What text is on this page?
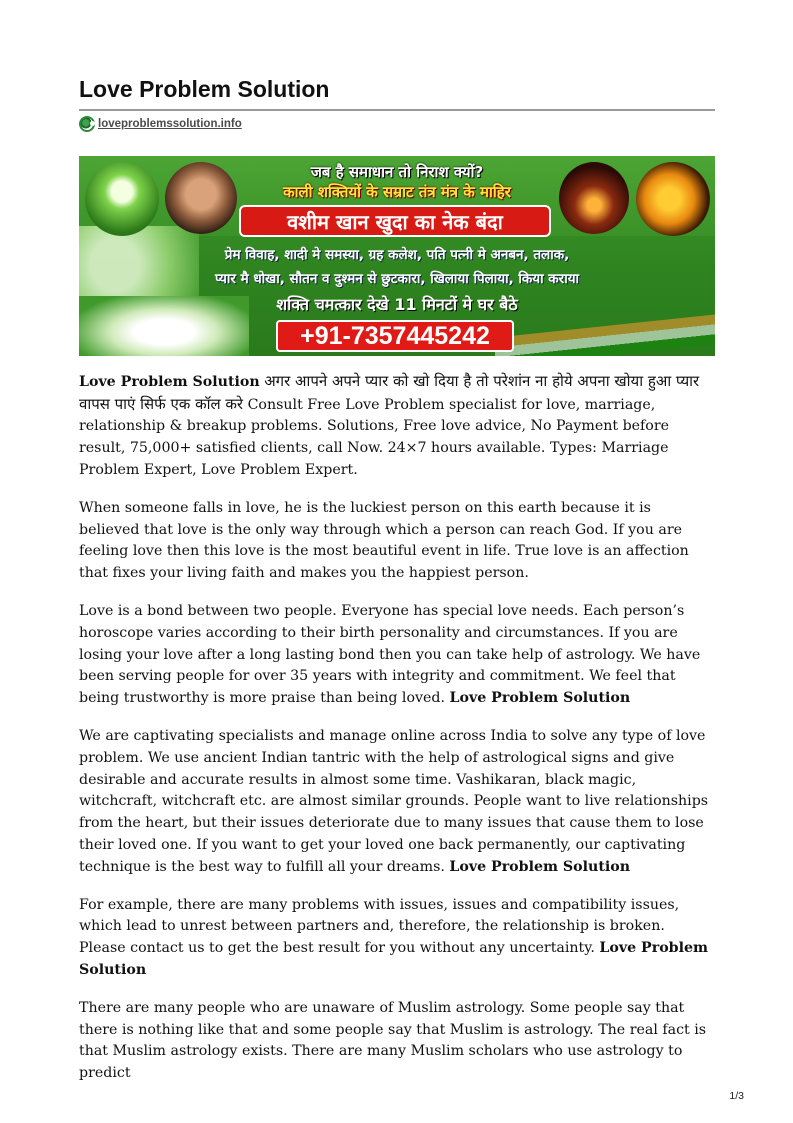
Love Problem Solution
loveproblemssolution.info
जब है समाधान तो निराश क्यों?
काली शक्तियों के सम्राट तंत्र मंत्र के माहिर
वशीम खान खुदा का नेक बंदा
प्रेम विवाह, शादी मे समस्या, ग्रह कलेश, पति पत्नी मे अनबन, तलाक,
प्यार मै धोखा, सौतन व दुश्मन से छुटकारा, खिलाया पिलाया, किया कराया
शक्ति चमत्कार देखे 11 मिनटों मे घर बैठे
+91-7357445242

Love Problem Solution अगर आपने अपने प्यार को खो दिया है तो परेशांन ना होये अपना खोया हुआ प्यार वापस पाएं सिर्फ एक कॉल करे Consult Free Love Problem specialist for love, marriage, relationship & breakup problems. Solutions, Free love advice, No Payment before result, 75,000+ satisfied clients, call Now. 24×7 hours available. Types: Marriage Problem Expert, Love Problem Expert.

When someone falls in love, he is the luckiest person on this earth because it is believed that love is the only way through which a person can reach God. If you are feeling love then this love is the most beautiful event in life. True love is an affection that fixes your living faith and makes you the happiest person.

Love is a bond between two people. Everyone has special love needs. Each person’s horoscope varies according to their birth personality and circumstances. If you are losing your love after a long lasting bond then you can take help of astrology. We have been serving people for over 35 years with integrity and commitment. We feel that being trustworthy is more praise than being loved. Love Problem Solution

We are captivating specialists and manage online across India to solve any type of love problem. We use ancient Indian tantric with the help of astrological signs and give desirable and accurate results in almost some time. Vashikaran, black magic, witchcraft, witchcraft etc. are almost similar grounds. People want to live relationships from the heart, but their issues deteriorate due to many issues that cause them to lose their loved one. If you want to get your loved one back permanently, our captivating technique is the best way to fulfill all your dreams. Love Problem Solution

For example, there are many problems with issues, issues and compatibility issues, which lead to unrest between partners and, therefore, the relationship is broken. Please contact us to get the best result for you without any uncertainty. Love Problem Solution

There are many people who are unaware of Muslim astrology. Some people say that there is nothing like that and some people say that Muslim is astrology. The real fact is that Muslim astrology exists. There are many Muslim scholars who use astrology to predict

1/3
